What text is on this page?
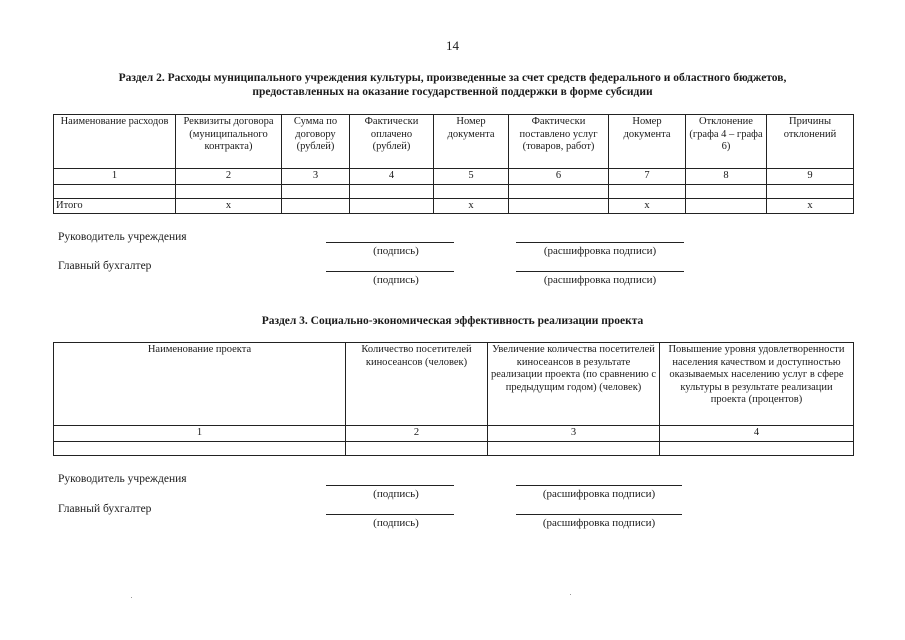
14
Раздел 2. Расходы муниципального учреждения культуры, произведенные за счет средств федерального и областного бюджетов,
предоставленных на оказание государственной поддержки в форме субсидии
Наименование расходов	Реквизиты договора (муниципального контракта)	Сумма по договору (рублей)	Фактически оплачено (рублей)	Номер документа	Фактически поставлено услуг (товаров, работ)	Номер документа	Отклонение (графа 4 – графа 6)	Причины отклонений
1	2	3	4	5	6	7	8	9

Итого	х			х		х		х
Руководитель учреждения
(подпись)	(расшифровка подписи)
Главный бухгалтер
(подпись)	(расшифровка подписи)
Раздел 3. Социально-экономическая эффективность реализации проекта
Наименование проекта	Количество посетителей киносеансов (человек)	Увеличение количества посетителей киносеансов в результате реализации проекта (по сравнению с предыдущим годом) (человек)	Повышение уровня удовлетворенности населения качеством и доступностью оказываемых населению услуг в сфере культуры в результате реализации проекта (процентов)
1	2	3	4

Руководитель учреждения
(подпись)	(расшифровка подписи)
Главный бухгалтер
(подпись)	(расшифровка подписи)
